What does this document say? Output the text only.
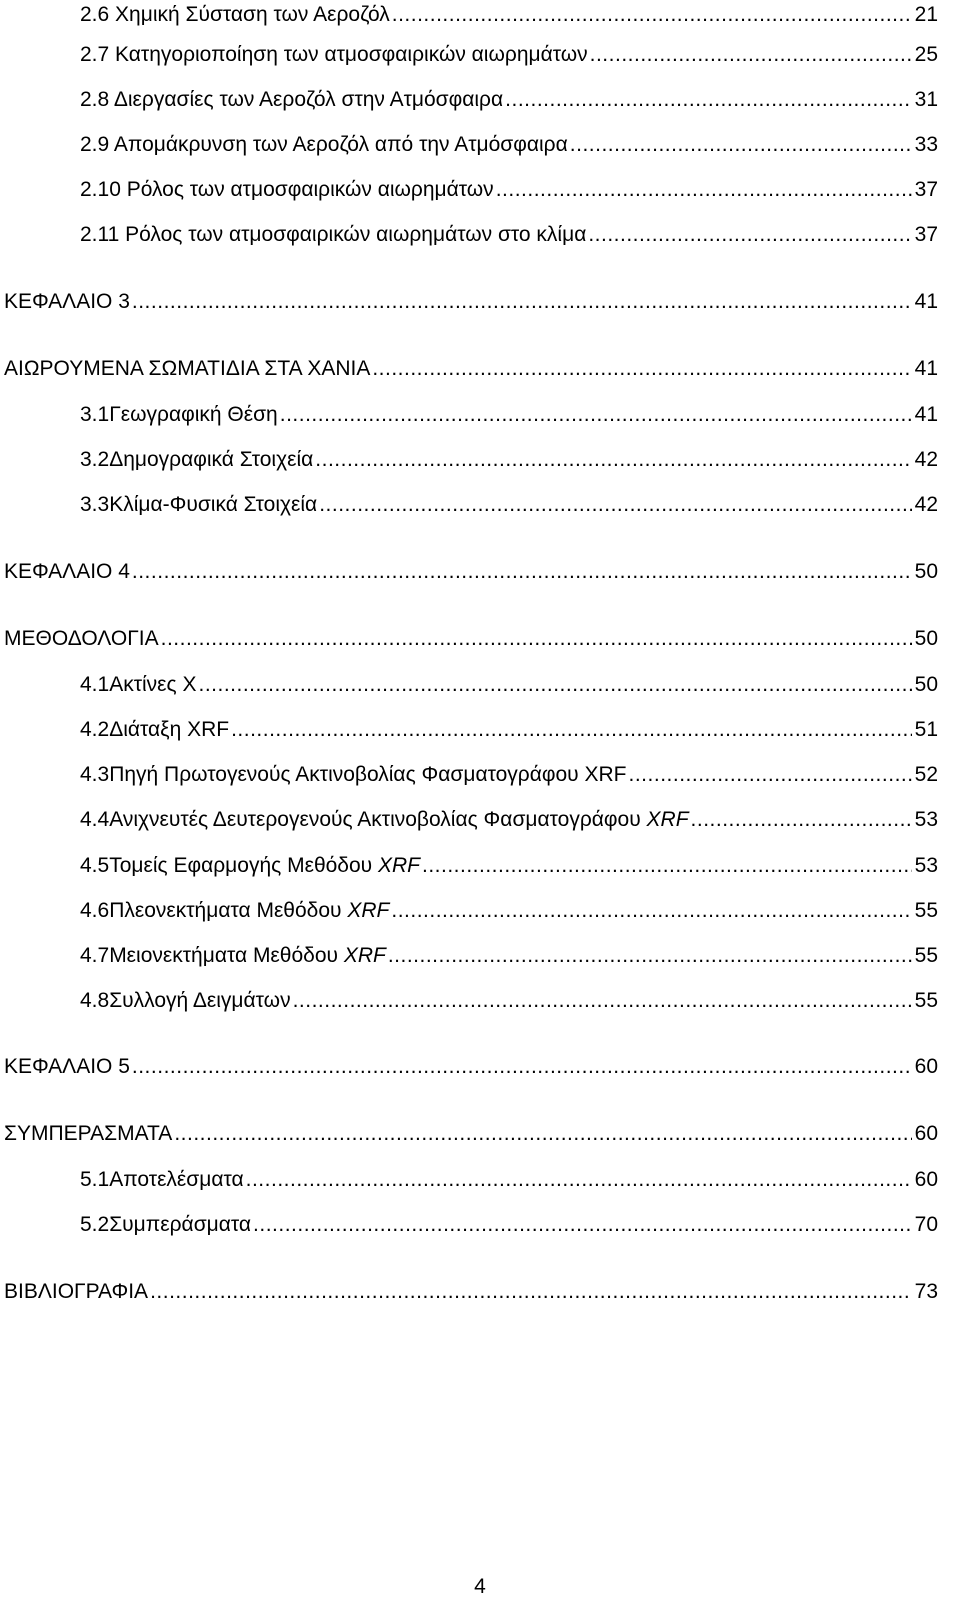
2.6 Χημική Σύσταση των Αεροζόλ .....	21
2.7 Κατηγοριοποίηση των ατμοσφαιρικών αιωρημάτων .....	25
2.8 Διεργασίες των Αεροζόλ στην Ατμόσφαιρα .....	31
2.9 Απομάκρυνση των Αεροζόλ από την Ατμόσφαιρα .....	33
2.10 Ρόλος των ατμοσφαιρικών αιωρημάτων .....	37
2.11 Ρόλος των ατμοσφαιρικών αιωρημάτων στο κλίμα .....	37
ΚΕΦΑΛΑΙΟ 3 .....	41
ΑΙΩΡΟΥΜΕΝΑ ΣΩΜΑΤΙΔΙΑ ΣΤΑ ΧΑΝΙΑ .....	41
3.1Γεωγραφική Θέση .....	41
3.2Δημογραφικά Στοιχεία .....	42
3.3Κλίμα-Φυσικά Στοιχεία .....	42
ΚΕΦΑΛΑΙΟ 4 .....	50
ΜΕΘΟΔΟΛΟΓΙΑ .....	50
4.1Ακτίνες Χ .....	50
4.2Διάταξη XRF .....	51
4.3Πηγή Πρωτογενούς Ακτινοβολίας Φασματογράφου XRF .....	52
4.4Ανιχνευτές Δευτερογενούς Ακτινοβολίας Φασματογράφου XRF .....	53
4.5Τομείς Εφαρμογής Μεθόδου XRF .....	53
4.6Πλεονεκτήματα Μεθόδου XRF .....	55
4.7Μειονεκτήματα Μεθόδου XRF .....	55
4.8Συλλογή Δειγμάτων .....	55
ΚΕΦΑΛΑΙΟ 5 .....	60
ΣΥΜΠΕΡΑΣΜΑΤΑ .....	60
5.1Αποτελέσματα .....	60
5.2Συμπεράσματα .....	70
ΒΙΒΛΙΟΓΡΑΦΙΑ .....	73
4
